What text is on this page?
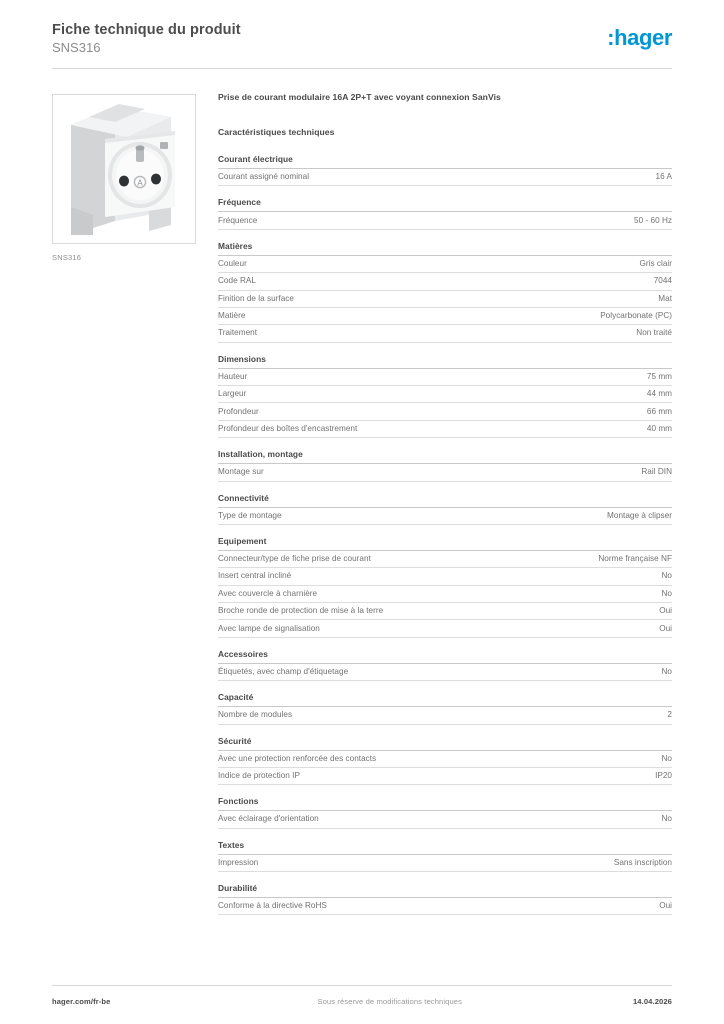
Fiche technique du produit
SNS316	:hager
A
SNS316
Prise de courant modulaire 16A 2P+T avec voyant connexion SanVis
Caractéristiques techniques
Courant électrique
Courant assigné nominal	16 A
Fréquence
Fréquence	50 - 60 Hz
Matières
Couleur	Gris clair
Code RAL	7044
Finition de la surface	Mat
Matière	Polycarbonate (PC)
Traitement	Non traité
Dimensions
Hauteur	75 mm
Largeur	44 mm
Profondeur	66 mm
Profondeur des boîtes d'encastrement	40 mm
Installation, montage
Montage sur	Rail DIN
Connectivité
Type de montage	Montage à clipser
Equipement
Connecteur/type de fiche prise de courant	Norme française NF
Insert central incliné	No
Avec couvercle à charnière	No
Broche ronde de protection de mise à la terre	Oui
Avec lampe de signalisation	Oui
Accessoires
Étiquetés, avec champ d'étiquetage	No
Capacité
Nombre de modules	2
Sécurité
Avec une protection renforcée des contacts	No
Indice de protection IP	IP20
Fonctions
Avec éclairage d'orientation	No
Textes
Impression	Sans inscription
Durabilité
Conforme à la directive RoHS	Oui
hager.com/fr-be	Sous réserve de modifications techniques	14.04.2026
